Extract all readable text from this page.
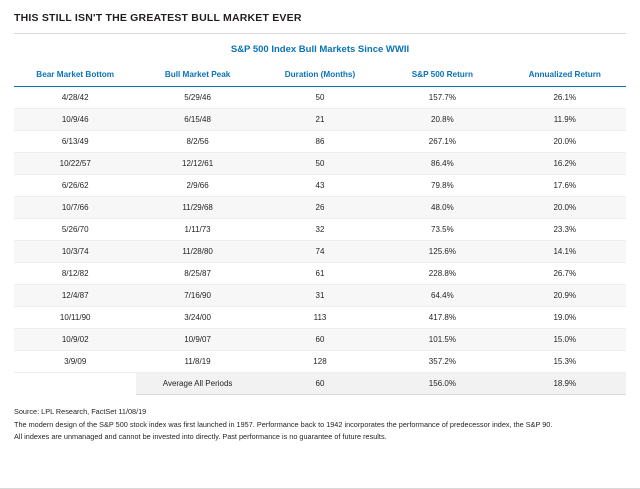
THIS STILL ISN'T THE GREATEST BULL MARKET EVER
S&P 500 Index Bull Markets Since WWII
Bear Market Bottom	Bull Market Peak	Duration (Months)	S&P 500 Return	Annualized Return
4/28/42	5/29/46	50	157.7%	26.1%
10/9/46	6/15/48	21	20.8%	11.9%
6/13/49	8/2/56	86	267.1%	20.0%
10/22/57	12/12/61	50	86.4%	16.2%
6/26/62	2/9/66	43	79.8%	17.6%
10/7/66	11/29/68	26	48.0%	20.0%
5/26/70	1/11/73	32	73.5%	23.3%
10/3/74	11/28/80	74	125.6%	14.1%
8/12/82	8/25/87	61	228.8%	26.7%
12/4/87	7/16/90	31	64.4%	20.9%
10/11/90	3/24/00	113	417.8%	19.0%
10/9/02	10/9/07	60	101.5%	15.0%
3/9/09	11/8/19	128	357.2%	15.3%
	Average All Periods	60	156.0%	18.9%
Source: LPL Research, FactSet 11/08/19

The modern design of the S&P 500 stock index was first launched in 1957. Performance back to 1942 incorporates the performance of predecessor index, the S&P 90.

All indexes are unmanaged and cannot be invested into directly. Past performance is no guarantee of future results.
